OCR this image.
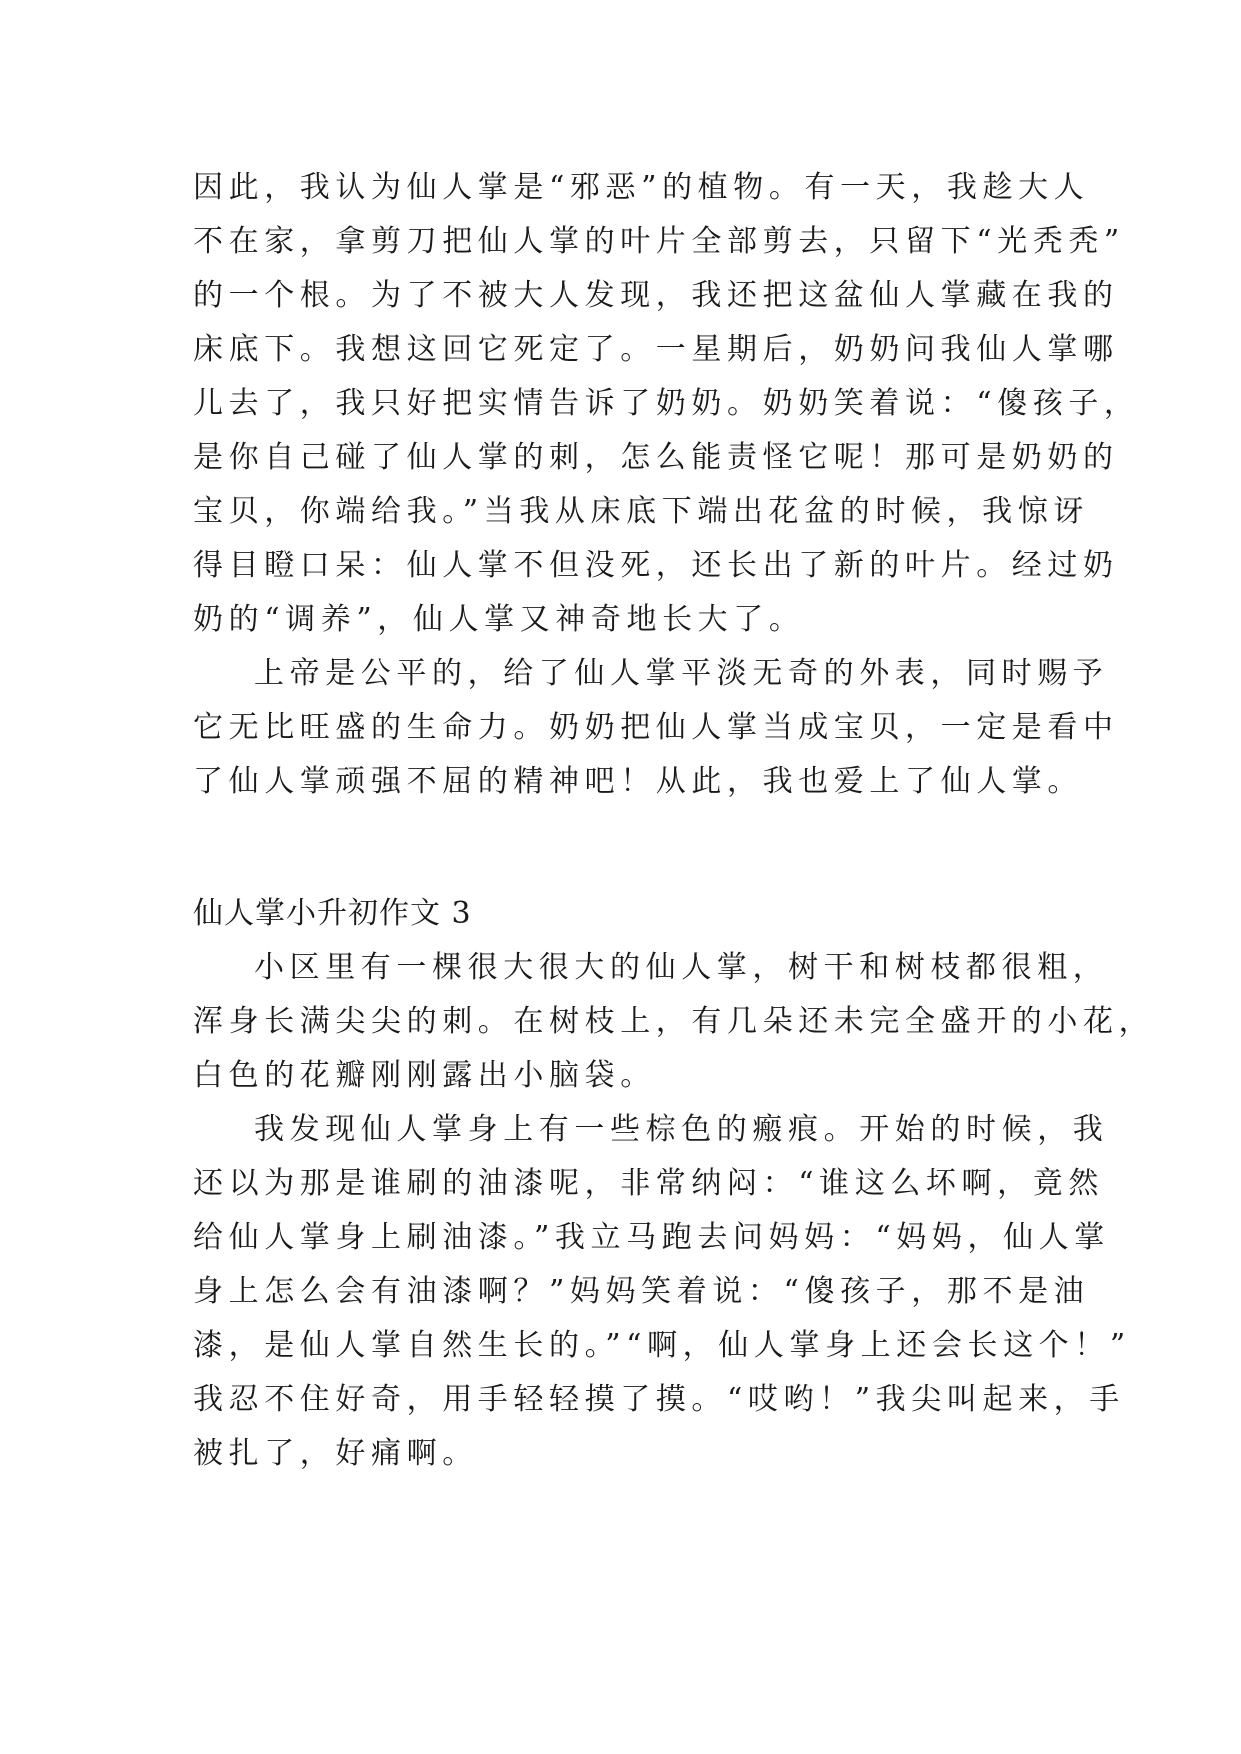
因此，我认为仙人掌是“邪恶”的植物。有一天，我趁大人
不在家，拿剪刀把仙人掌的叶片全部剪去，只留下“光秃秃”
的一个根。为了不被大人发现，我还把这盆仙人掌藏在我的
床底下。我想这回它死定了。一星期后，奶奶问我仙人掌哪
儿去了，我只好把实情告诉了奶奶。奶奶笑着说：“傻孩子，
是你自己碰了仙人掌的刺，怎么能责怪它呢！那可是奶奶的
宝贝，你端给我。”当我从床底下端出花盆的时候，我惊讶
得目瞪口呆：仙人掌不但没死，还长出了新的叶片。经过奶
奶的“调养”，仙人掌又神奇地长大了。
上帝是公平的，给了仙人掌平淡无奇的外表，同时赐予
它无比旺盛的生命力。奶奶把仙人掌当成宝贝，一定是看中
了仙人掌顽强不屈的精神吧！从此，我也爱上了仙人掌。
仙人掌小升初作文 3
小区里有一棵很大很大的仙人掌，树干和树枝都很粗，
浑身长满尖尖的刺。在树枝上，有几朵还未完全盛开的小花，
白色的花瓣刚刚露出小脑袋。
我发现仙人掌身上有一些棕色的瘢痕。开始的时候，我
还以为那是谁刷的油漆呢，非常纳闷：“谁这么坏啊，竟然
给仙人掌身上刷油漆。”我立马跑去问妈妈：“妈妈，仙人掌
身上怎么会有油漆啊？”妈妈笑着说：“傻孩子，那不是油
漆，是仙人掌自然生长的。”“啊，仙人掌身上还会长这个！”
我忍不住好奇，用手轻轻摸了摸。“哎哟！”我尖叫起来，手
被扎了，好痛啊。
